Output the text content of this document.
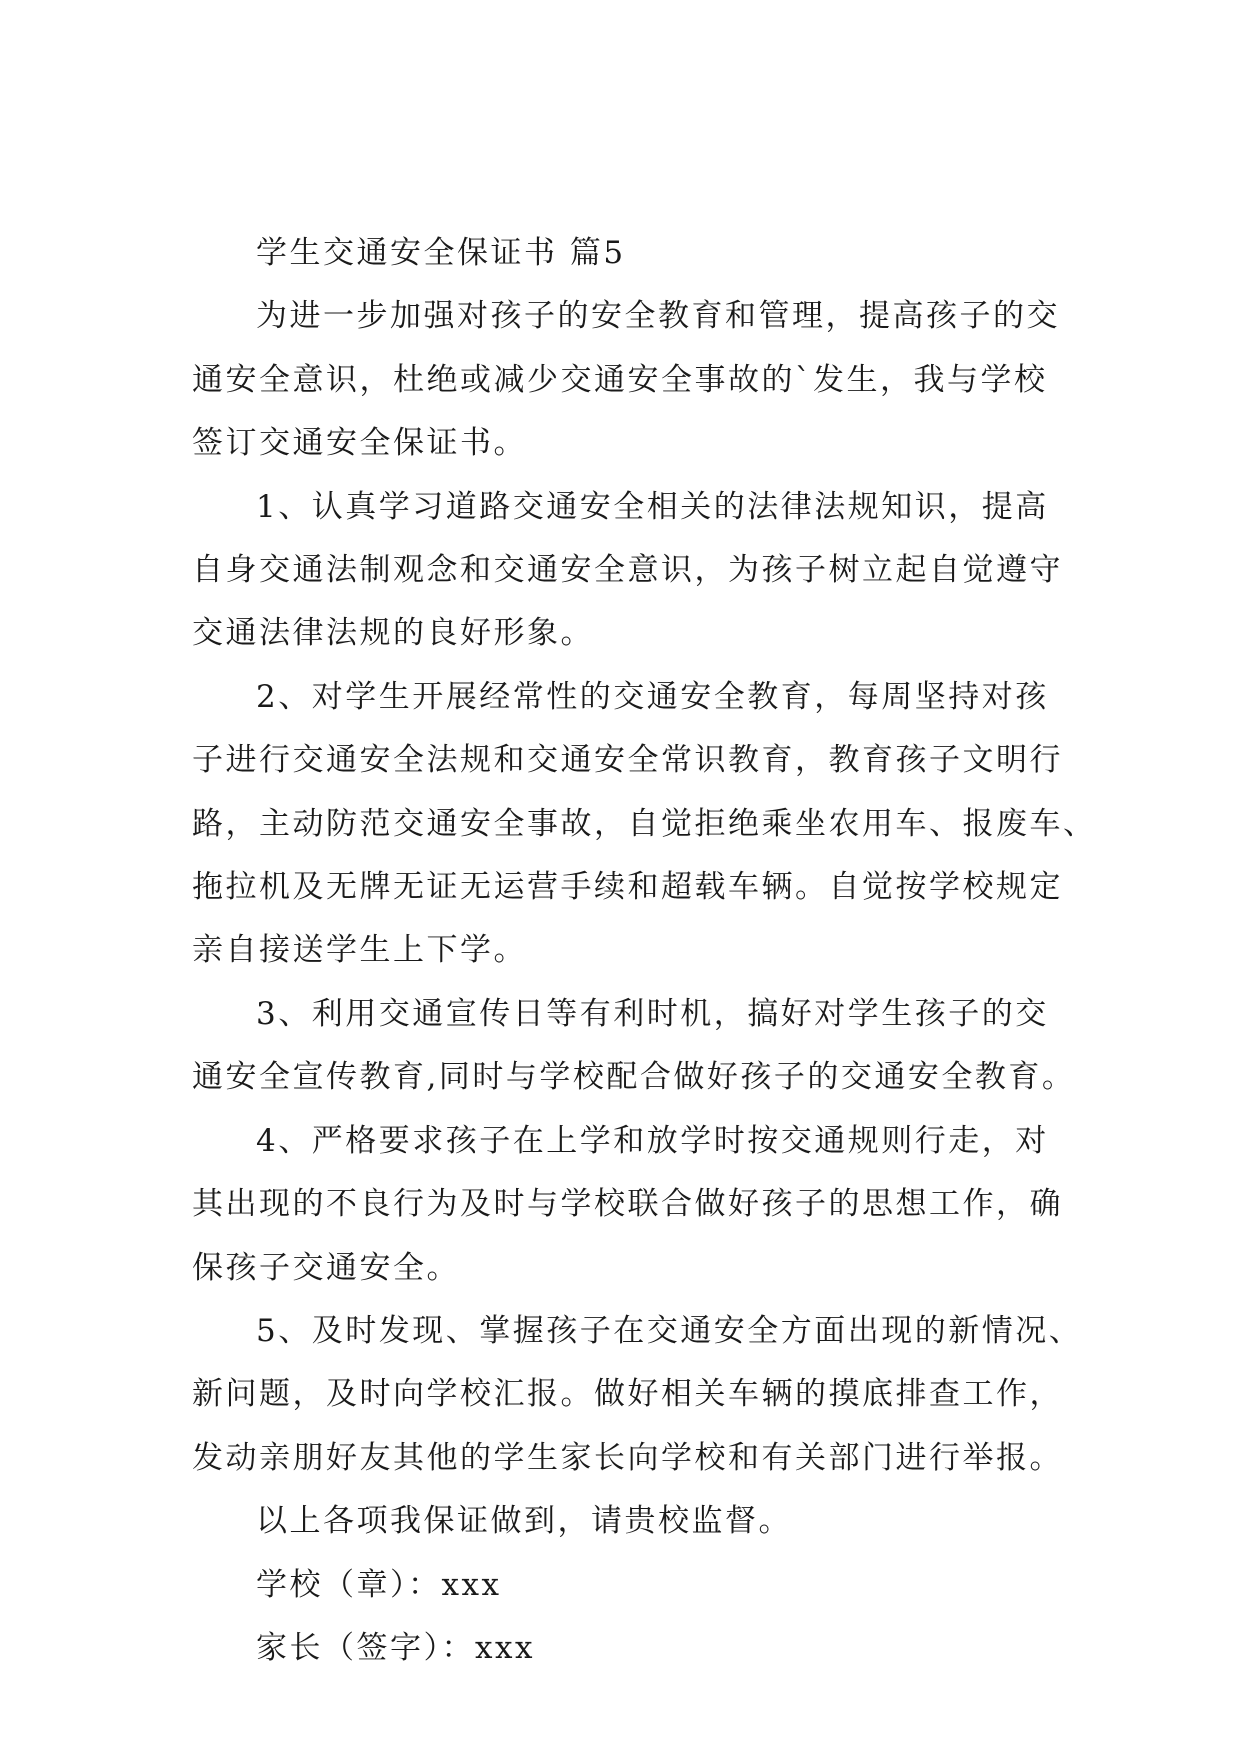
学生交通安全保证书 篇5

为进一步加强对孩子的安全教育和管理，提高孩子的交

通安全意识，杜绝或减少交通安全事故的`发生，我与学校

签订交通安全保证书。

1、认真学习道路交通安全相关的法律法规知识，提高

自身交通法制观念和交通安全意识，为孩子树立起自觉遵守

交通法律法规的良好形象。

2、对学生开展经常性的交通安全教育，每周坚持对孩

子进行交通安全法规和交通安全常识教育，教育孩子文明行

路，主动防范交通安全事故，自觉拒绝乘坐农用车、报废车、

拖拉机及无牌无证无运营手续和超载车辆。自觉按学校规定

亲自接送学生上下学。

3、利用交通宣传日等有利时机，搞好对学生孩子的交

通安全宣传教育,同时与学校配合做好孩子的交通安全教育。

4、严格要求孩子在上学和放学时按交通规则行走，对

其出现的不良行为及时与学校联合做好孩子的思想工作，确

保孩子交通安全。

5、及时发现、掌握孩子在交通安全方面出现的新情况、

新问题，及时向学校汇报。做好相关车辆的摸底排查工作，

发动亲朋好友其他的学生家长向学校和有关部门进行举报。

以上各项我保证做到，请贵校监督。

学校（章）：xxx

家长（签字）：xxx
